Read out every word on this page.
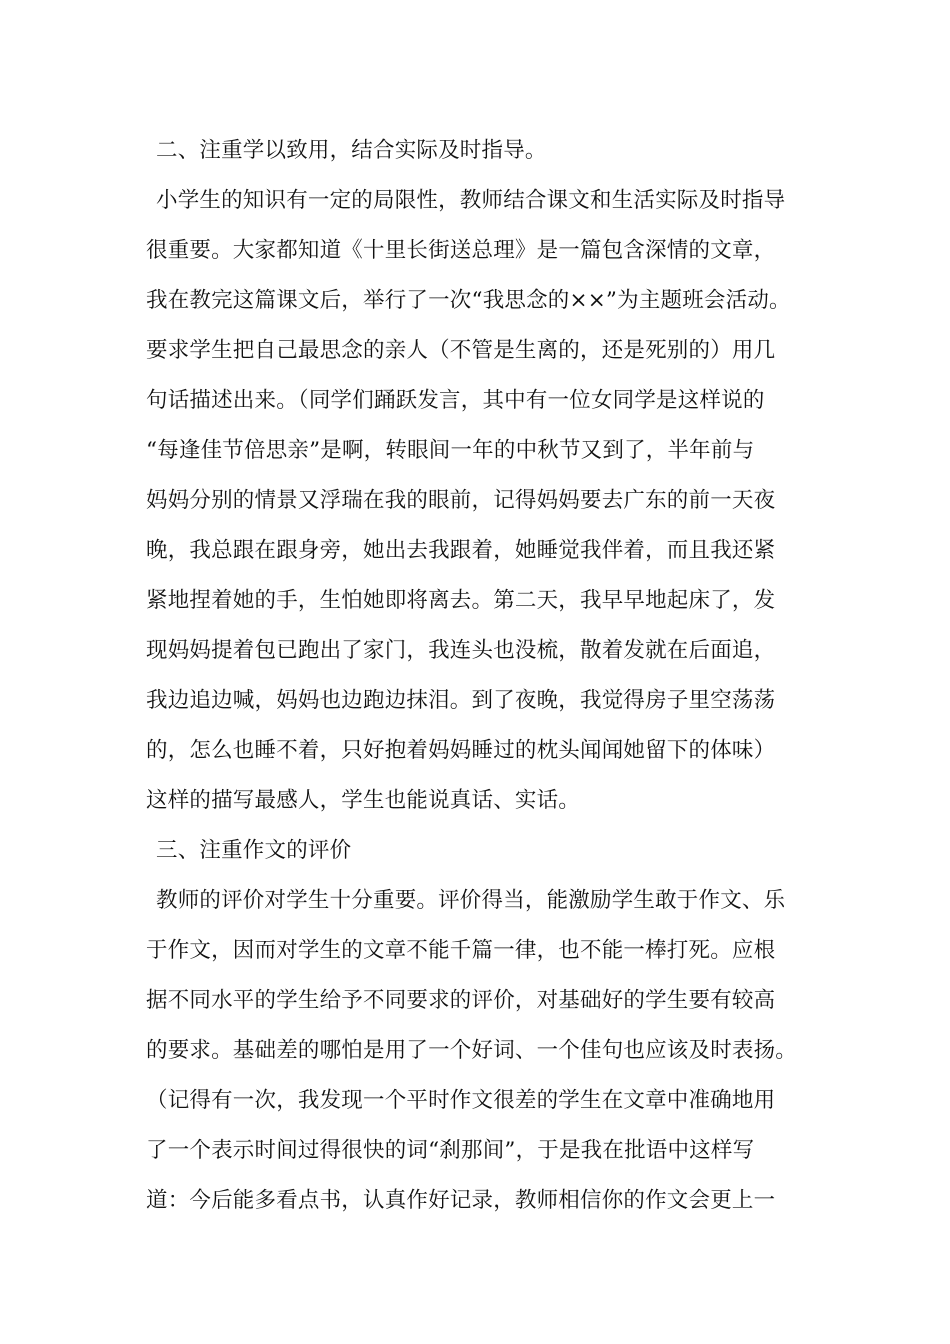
二、注重学以致用，结合实际及时指导。
小学生的知识有一定的局限性，教师结合课文和生活实际及时指导
很重要。大家都知道《十里长街送总理》是一篇包含深情的文章，
我在教完这篇课文后，举行了一次“我思念的××”为主题班会活动。
要求学生把自己最思念的亲人（不管是生离的，还是死别的）用几
句话描述出来。（同学们踊跃发言，其中有一位女同学是这样说的
“每逢佳节倍思亲”是啊，转眼间一年的中秋节又到了，半年前与
妈妈分别的情景又浮瑞在我的眼前，记得妈妈要去广东的前一天夜
晚，我总跟在跟身旁，她出去我跟着，她睡觉我伴着，而且我还紧
紧地捏着她的手，生怕她即将离去。第二天，我早早地起床了，发
现妈妈提着包已跑出了家门，我连头也没梳，散着发就在后面追，
我边追边喊，妈妈也边跑边抹泪。到了夜晚，我觉得房子里空荡荡
的，怎么也睡不着，只好抱着妈妈睡过的枕头闻闻她留下的体味）
这样的描写最感人，学生也能说真话、实话。
三、注重作文的评价
教师的评价对学生十分重要。评价得当，能激励学生敢于作文、乐
于作文，因而对学生的文章不能千篇一律，也不能一棒打死。应根
据不同水平的学生给予不同要求的评价，对基础好的学生要有较高
的要求。基础差的哪怕是用了一个好词、一个佳句也应该及时表扬。
（记得有一次，我发现一个平时作文很差的学生在文章中准确地用
了一个表示时间过得很快的词“刹那间”，于是我在批语中这样写
道：今后能多看点书，认真作好记录，教师相信你的作文会更上一
